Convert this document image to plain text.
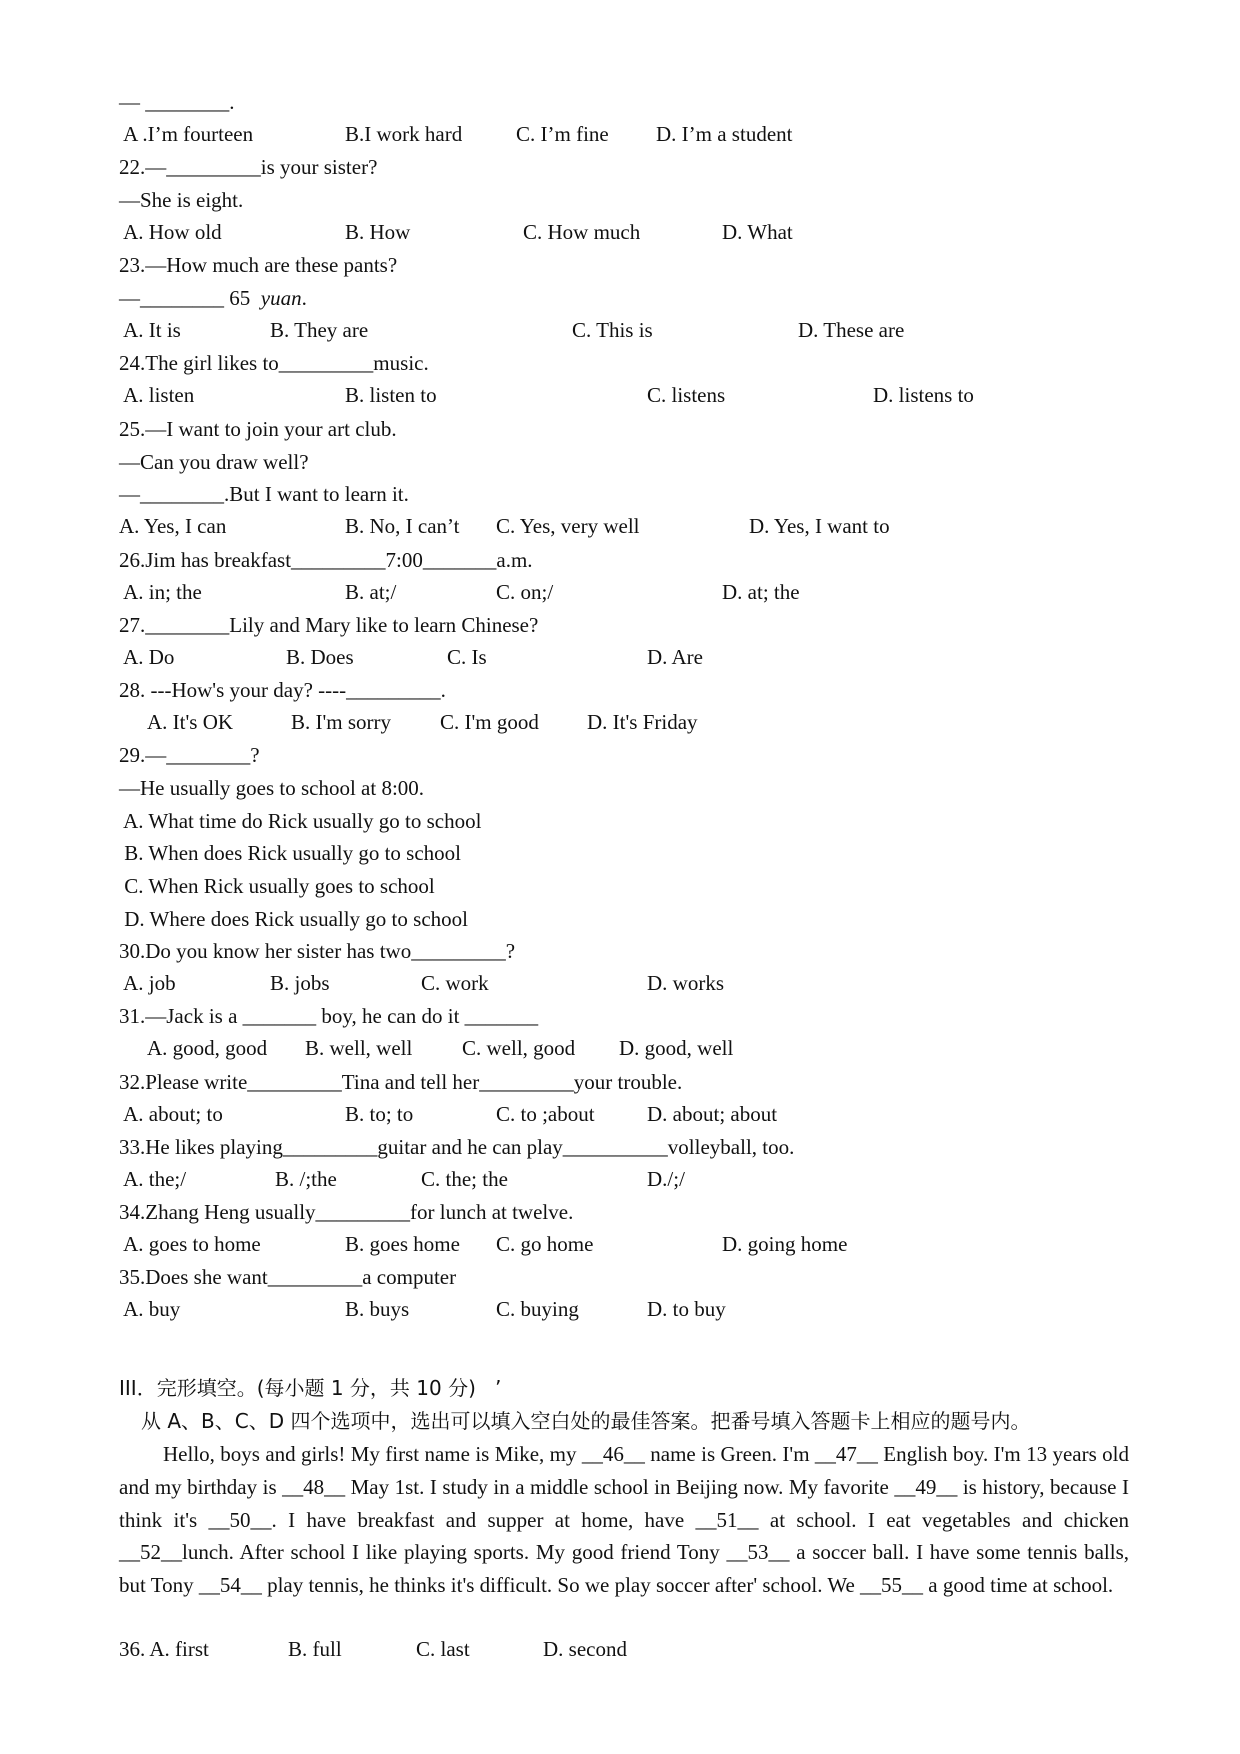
— ________.
22.—_________is your sister?
—She is eight.
23.—How much are these pants?
—________ 65  yuan.
24.The girl likes to_________music.
25.—I want to join your art club.
—Can you draw well?
—________.But I want to learn it.
26.Jim has breakfast_________7:00_______a.m.
27.________Lily and Mary like to learn Chinese?
28. ---How's your day? ----_________.
29.—________?
—He usually goes to school at 8:00.
A. What time do Rick usually go to school
B. When does Rick usually go to school
C. When Rick usually goes to school
D. Where does Rick usually go to school
30.Do you know her sister has two_________?
31.—Jack is a _______ boy, he can do it _______
32.Please write_________Tina and tell her_________your trouble.
33.He likes playing_________guitar and he can play__________volleyball, too.
34.Zhang Heng usually_________for lunch at twelve.
35.Does she want_________a computer
A .I’m fourteen	B.I work hard	C. I’m fine D. I’m a student
A. How old	B. How	C. How much	D. What
A. It is	B. They are	C. This is	D. These are
A. listen	B. listen to	C. listens	D. listens to
A. Yes, I can	B. No, I can’t C. Yes, very well	D. Yes, I want to
A. in; the	B. at;/	C. on;/	D. at; the
A. Do	B. Does	C. Is	D. Are
A. It's OK	B. I'm sorry C. I'm good D. It's Friday
A. job	B. jobs	C. work	D. works
A. good, good B. well, well C. well, good D. good, well
A. about; to	B. to; to	C. to ;about D. about; about
A. the;/	B. /;the	C. the; the	D./;/
A. goes to home	B. goes home C. go home	D. going home
A. buy	B. buys	C. buying	D. to buy
III．完形填空。(每小题 1 分，共 10 分)   ’
从 A、B、C、D 四个选项中，选出可以填入空白处的最佳答案。把番号填入答题卡上相应的题号内。
Hello, boys and girls! My first name is Mike, my __46__ name is Green. I'm __47__ English boy. I'm 13 years old and my birthday is __48__ May 1st. I study in a middle school in Beijing now. My favorite __49__ is history, because I think it's __50__. I have breakfast and supper at home, have __51__ at school. I eat vegetables and chicken __52__lunch. After school I like playing sports. My good friend Tony __53__ a soccer ball. I have some tennis balls, but Tony __54__ play tennis, he thinks it's difficult. So we play soccer after' school. We __55__ a good time at school.
36. A. first	B. full	C. last	D. second
